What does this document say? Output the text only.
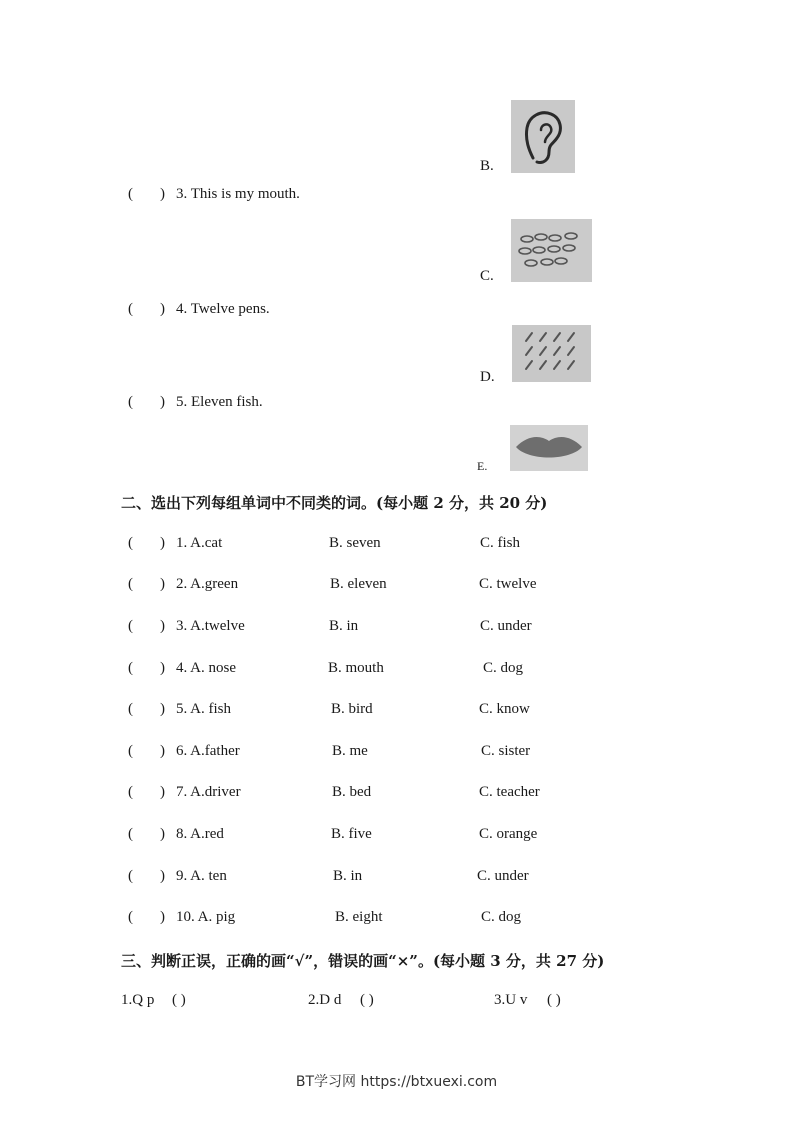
( ) 3. This is my mouth.
( ) 4. Twelve pens.
( ) 5. Eleven fish.
B.
C.
D.
E.
二、选出下列每组单词中不同类的词。(每小题 2 分，共 20 分)
( ) 1. A.cat	B. seven	C. fish
( ) 2. A.green	B. eleven	C. twelve
( ) 3. A.twelve	B. in	C. under
( ) 4. A. nose	B. mouth	C. dog
( ) 5. A. fish	B. bird	C. know
( ) 6. A.father	B. me	C. sister
( ) 7. A.driver	B. bed	C. teacher
( ) 8. A.red	B. five	C. orange
( ) 9. A. ten	B. in	C. under
( ) 10. A. pig	B. eight	C. dog
三、判断正误，正确的画“√”，错误的画“×”。(每小题 3 分，共 27 分)
1.Q p ( )	2.D d ( )	3.U v ( )
BT学习网 https://btxuexi.com
